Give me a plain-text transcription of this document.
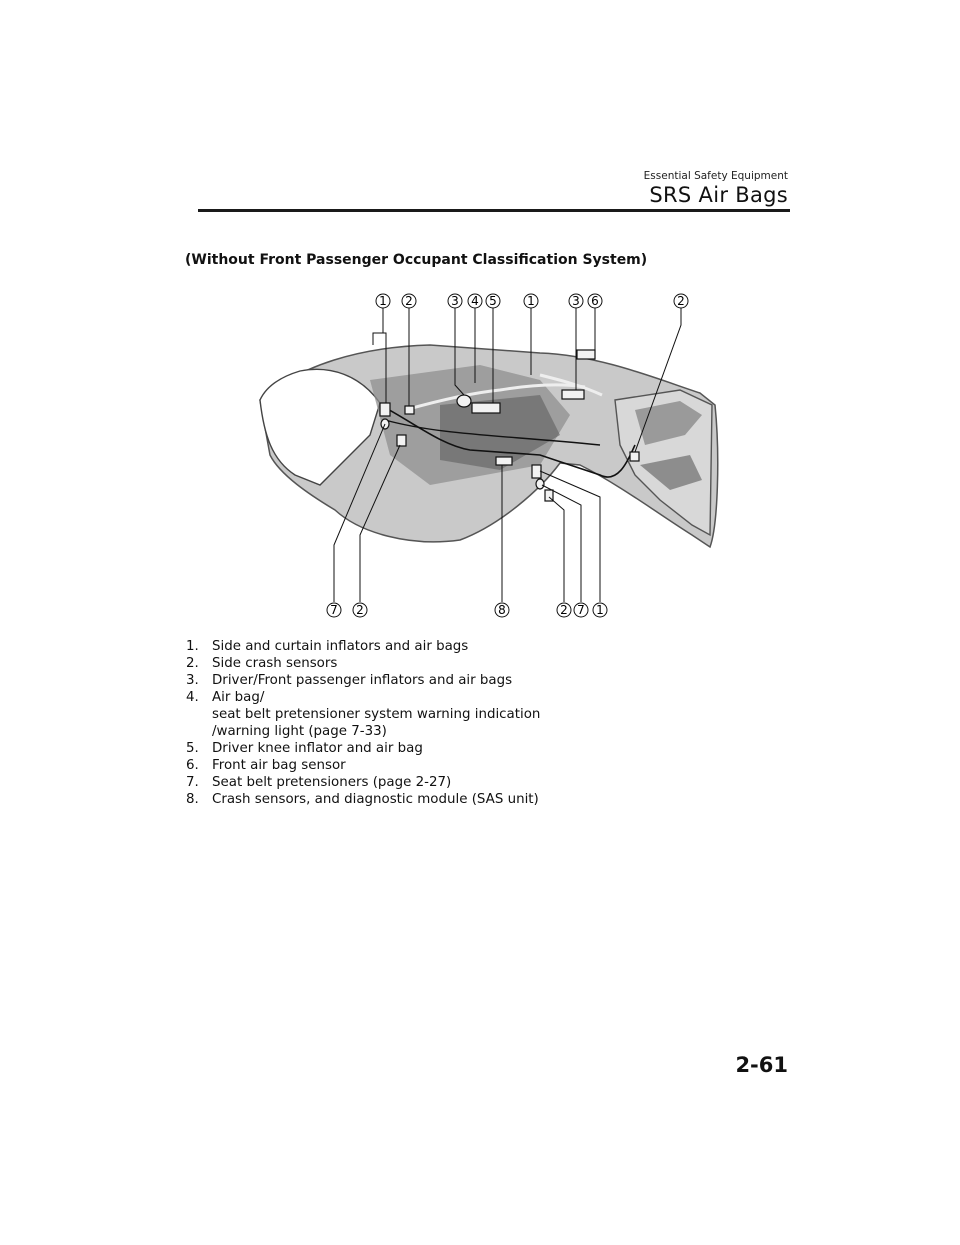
Essential Safety Equipment
SRS Air Bags
(Without Front Passenger Occupant Classification System)
1 2	3 4 5	1	3 6	2
7 2	8	2 7 1
1. Side and curtain inflators and air bags
2. Side crash sensors
3. Driver/Front passenger inflators and air bags
4. Air bag/
seat belt pretensioner system warning indication
/warning light (page 7-33)
5. Driver knee inflator and air bag
6. Front air bag sensor
7. Seat belt pretensioners (page 2-27)
8. Crash sensors, and diagnostic module (SAS unit)
2-61
